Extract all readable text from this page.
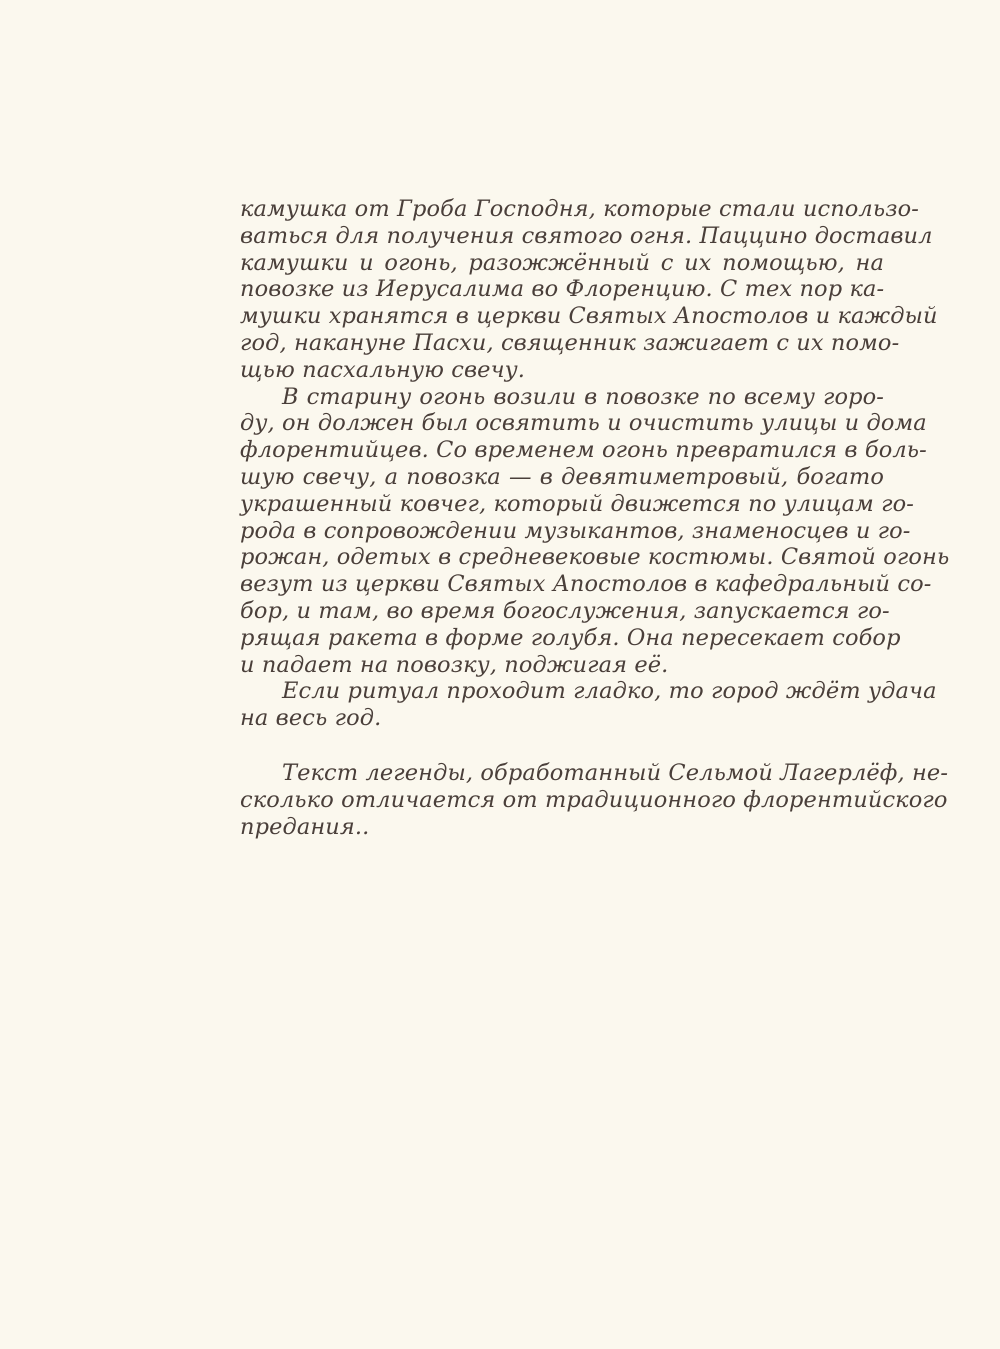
камушка от Гроба Господня, которые стали использо-
ваться для получения святого огня. Паццино доставил
камушки и огонь, разожжённый с их помощью, на
повозке из Иерусалима во Флоренцию. С тех пор ка-
мушки хранятся в церкви Святых Апостолов и каждый
год, накануне Пасхи, священник зажигает с их помо-
щью пасхальную свечу.
В старину огонь возили в повозке по всему горо-
ду, он должен был освятить и очистить улицы и дома
флорентийцев. Со временем огонь превратился в боль-
шую свечу, а повозка — в девятиметровый, богато
украшенный ковчег, который движется по улицам го-
рода в сопровождении музыкантов, знаменосцев и го-
рожан, одетых в средневековые костюмы. Святой огонь
везут из церкви Святых Апостолов в кафедральный со-
бор, и там, во время богослужения, запускается го-
рящая ракета в форме голубя. Она пересекает собор
и падает на повозку, поджигая её.
Если ритуал проходит гладко, то город ждёт удача
на весь год.
Текст легенды, обработанный Сельмой Лагерлёф, не-
сколько отличается от традиционного флорентийского
предания..
